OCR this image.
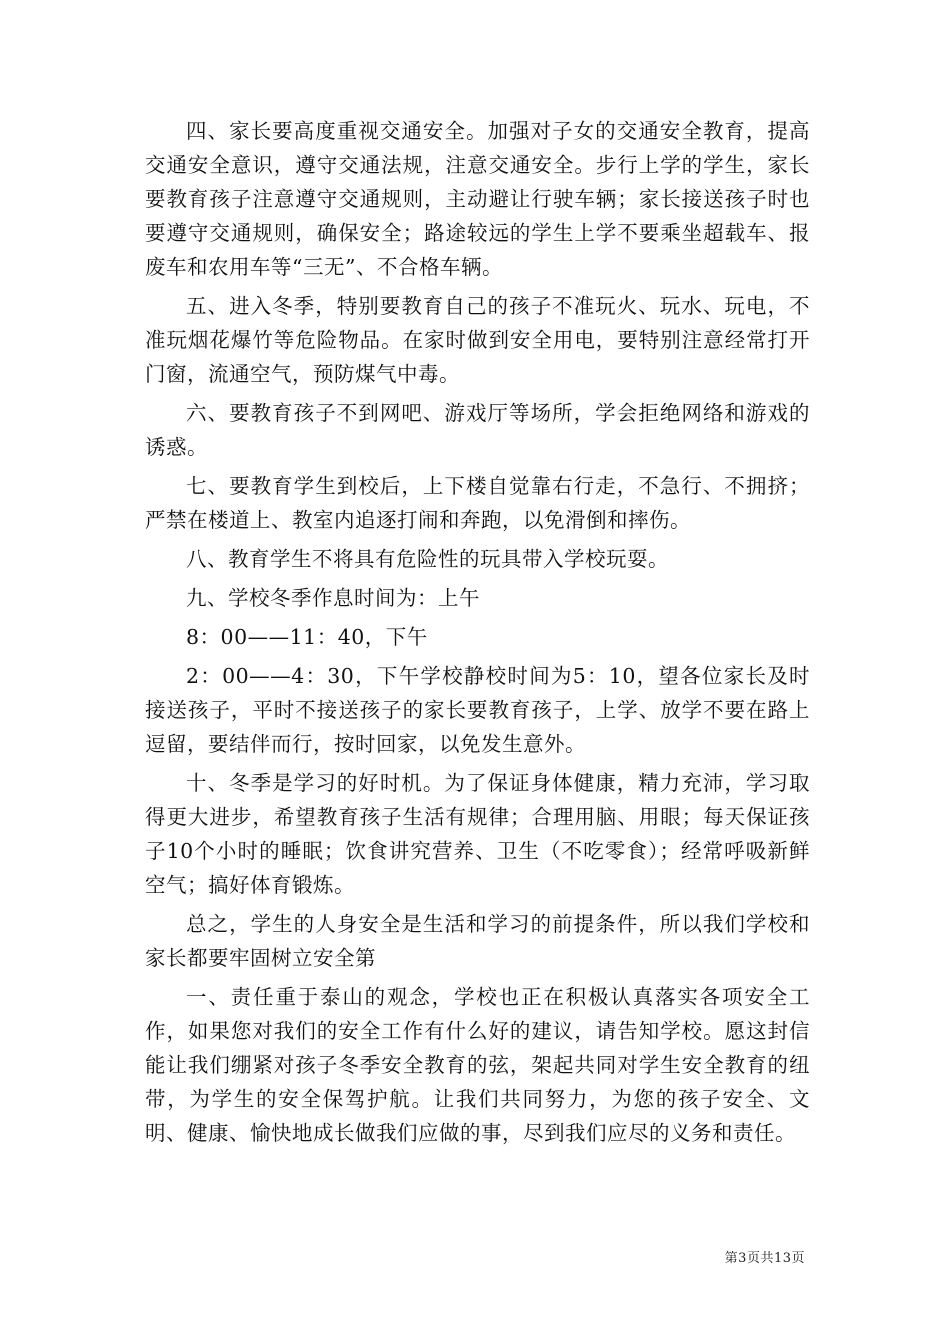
四、家长要高度重视交通安全。加强对子女的交通安全教育，提高交通安全意识，遵守交通法规，注意交通安全。步行上学的学生，家长要教育孩子注意遵守交通规则，主动避让行驶车辆；家长接送孩子时也要遵守交通规则，确保安全；路途较远的学生上学不要乘坐超载车、报废车和农用车等“三无”、不合格车辆。

五、进入冬季，特别要教育自己的孩子不准玩火、玩水、玩电，不准玩烟花爆竹等危险物品。在家时做到安全用电，要特别注意经常打开门窗，流通空气，预防煤气中毒。

六、要教育孩子不到网吧、游戏厅等场所，学会拒绝网络和游戏的诱惑。

七、要教育学生到校后，上下楼自觉靠右行走，不急行、不拥挤；严禁在楼道上、教室内追逐打闹和奔跑，以免滑倒和摔伤。

八、教育学生不将具有危险性的玩具带入学校玩耍。

九、学校冬季作息时间为：上午

8：00——11：40，下午

2：00——4：30，下午学校静校时间为5：10，望各位家长及时接送孩子，平时不接送孩子的家长要教育孩子，上学、放学不要在路上逗留，要结伴而行，按时回家，以免发生意外。

十、冬季是学习的好时机。为了保证身体健康，精力充沛，学习取得更大进步，希望教育孩子生活有规律；合理用脑、用眼；每天保证孩子10个小时的睡眠；饮食讲究营养、卫生（不吃零食）；经常呼吸新鲜空气；搞好体育锻炼。

总之，学生的人身安全是生活和学习的前提条件，所以我们学校和家长都要牢固树立安全第

一、责任重于泰山的观念，学校也正在积极认真落实各项安全工作，如果您对我们的安全工作有什么好的建议，请告知学校。愿这封信能让我们绷紧对孩子冬季安全教育的弦，架起共同对学生安全教育的纽带，为学生的安全保驾护航。让我们共同努力，为您的孩子安全、文明、健康、愉快地成长做我们应做的事，尽到我们应尽的义务和责任。

第3页共13页
